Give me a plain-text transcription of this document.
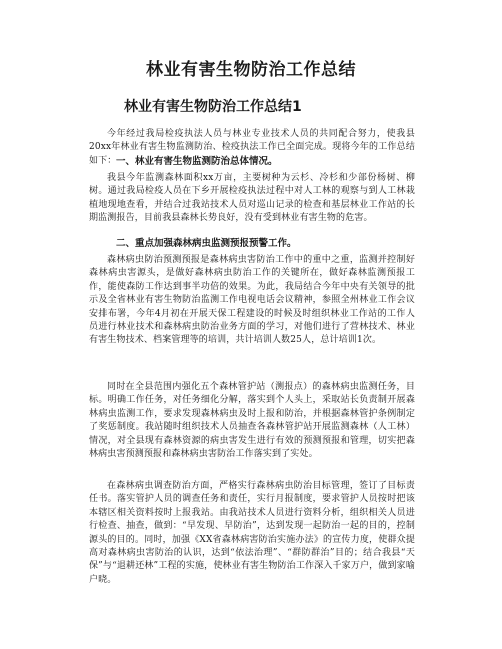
林业有害生物防治工作总结
林业有害生物防治工作总结1

今年经过我局检疫执法人员与林业专业技术人员的共同配合努力，使我县20xx年林业有害生物监测防治、检疫执法工作已全面完成。现将今年的工作总结如下： 一、林业有害生物监测防治总体情况。

我县今年监测森林面积xx万亩，主要树种为云杉、冷杉和少部份杨树、柳树。通过我局检疫人员在下乡开展检疫执法过程中对人工林的观察与到人工林栽植地现地查看，并结合过我站技术人员对巡山记录的检查和基层林业工作站的长期监测报告，目前我县森林长势良好，没有受到林业有害生物的危害。

二、重点加强森林病虫监测预报预警工作。

森林病虫防治预测预报是森林病虫害防治工作中的重中之重，监测并控制好森林病虫害源头，是做好森林病虫防治工作的关键所在，做好森林监测预报工作，能使森防工作达到事半功倍的效果。为此，我局结合今年中央有关领导的批示及全省林业有害生物防治监测工作电视电话会议精神，参照全州林业工作会议安排布署，今年4月初在开展天保工程建设的时候及时组织林业工作站的工作人员进行林业技术和森林病虫防治业务方面的学习，对他们进行了营林技术、林业有害生物技术、档案管理等的培训，共计培训人数25人，总计培训1次。

同时在全县范围内强化五个森林管护站（测报点）的森林病虫监测任务，目标。明确工作任务，对任务细化分解，落实到个人头上，采取站长负责制开展森林病虫监测工作，要求发现森林病虫及时上报和防治，并根据森林管护条例制定了奖惩制度。我站随时组织技术人员抽查各森林管护站开展监测森林（人工林）情况，对全县现有森林资源的病虫害发生进行有效的预测预报和管理，切实把森林病虫害预测预报和森林病虫害防治工作落实到了实处。

在森林病虫调查防治方面，严格实行森林病虫防治目标管理，签订了目标责任书。落实管护人员的调查任务和责任，实行月报制度，要求管护人员按时把该本辖区相关资料按时上报我站。由我站技术人员进行资料分析，组织相关人员进行检查、抽查，做到：“早发现、早防治”，达到发现一起防治一起的目的，控制源头的目的。同时，加强《XX省森林病害防治实施办法》的宣传力度，使群众提高对森林病虫害防治的认识，达到“依法治理”、“群防群治”目的；结合我县“天保”与“退耕还林”工程的实施，使林业有害生物防治工作深入千家万户，做到家喻户晓。
